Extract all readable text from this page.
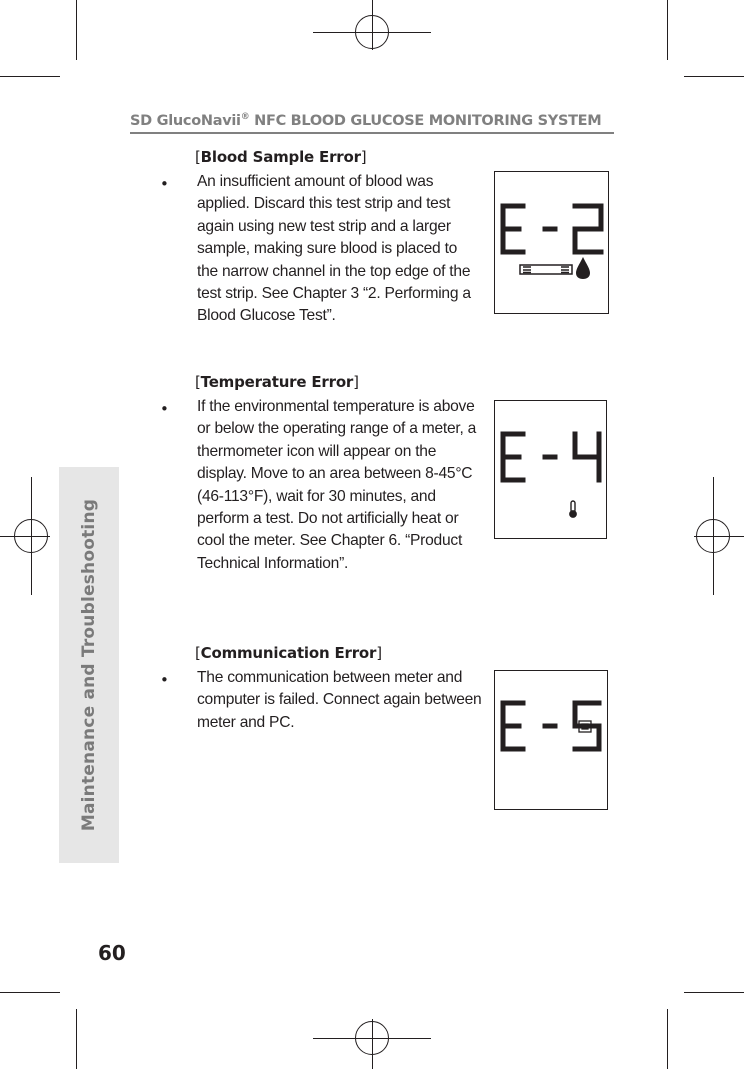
SD GlucoNavii® NFC BLOOD GLUCOSE MONITORING SYSTEM
Maintenance and Troubleshooting
[Blood Sample Error]
• An insufficient amount of blood was applied. Discard this test strip and test again using new test strip and a larger sample, making sure blood is placed to the narrow channel in the top edge of the test strip. See Chapter 3 “2. Performing a Blood Glucose Test”.
[Temperature Error]
• If the environmental temperature is above or below the operating range of a meter, a thermometer icon will appear on the display. Move to an area between 8-45°C (46-113°F), wait for 30 minutes, and perform a test. Do not artificially heat or cool the meter. See Chapter 6. “Product Technical Information”.
[Communication Error]
• The communication between meter and computer is failed. Connect again between meter and PC.
60
